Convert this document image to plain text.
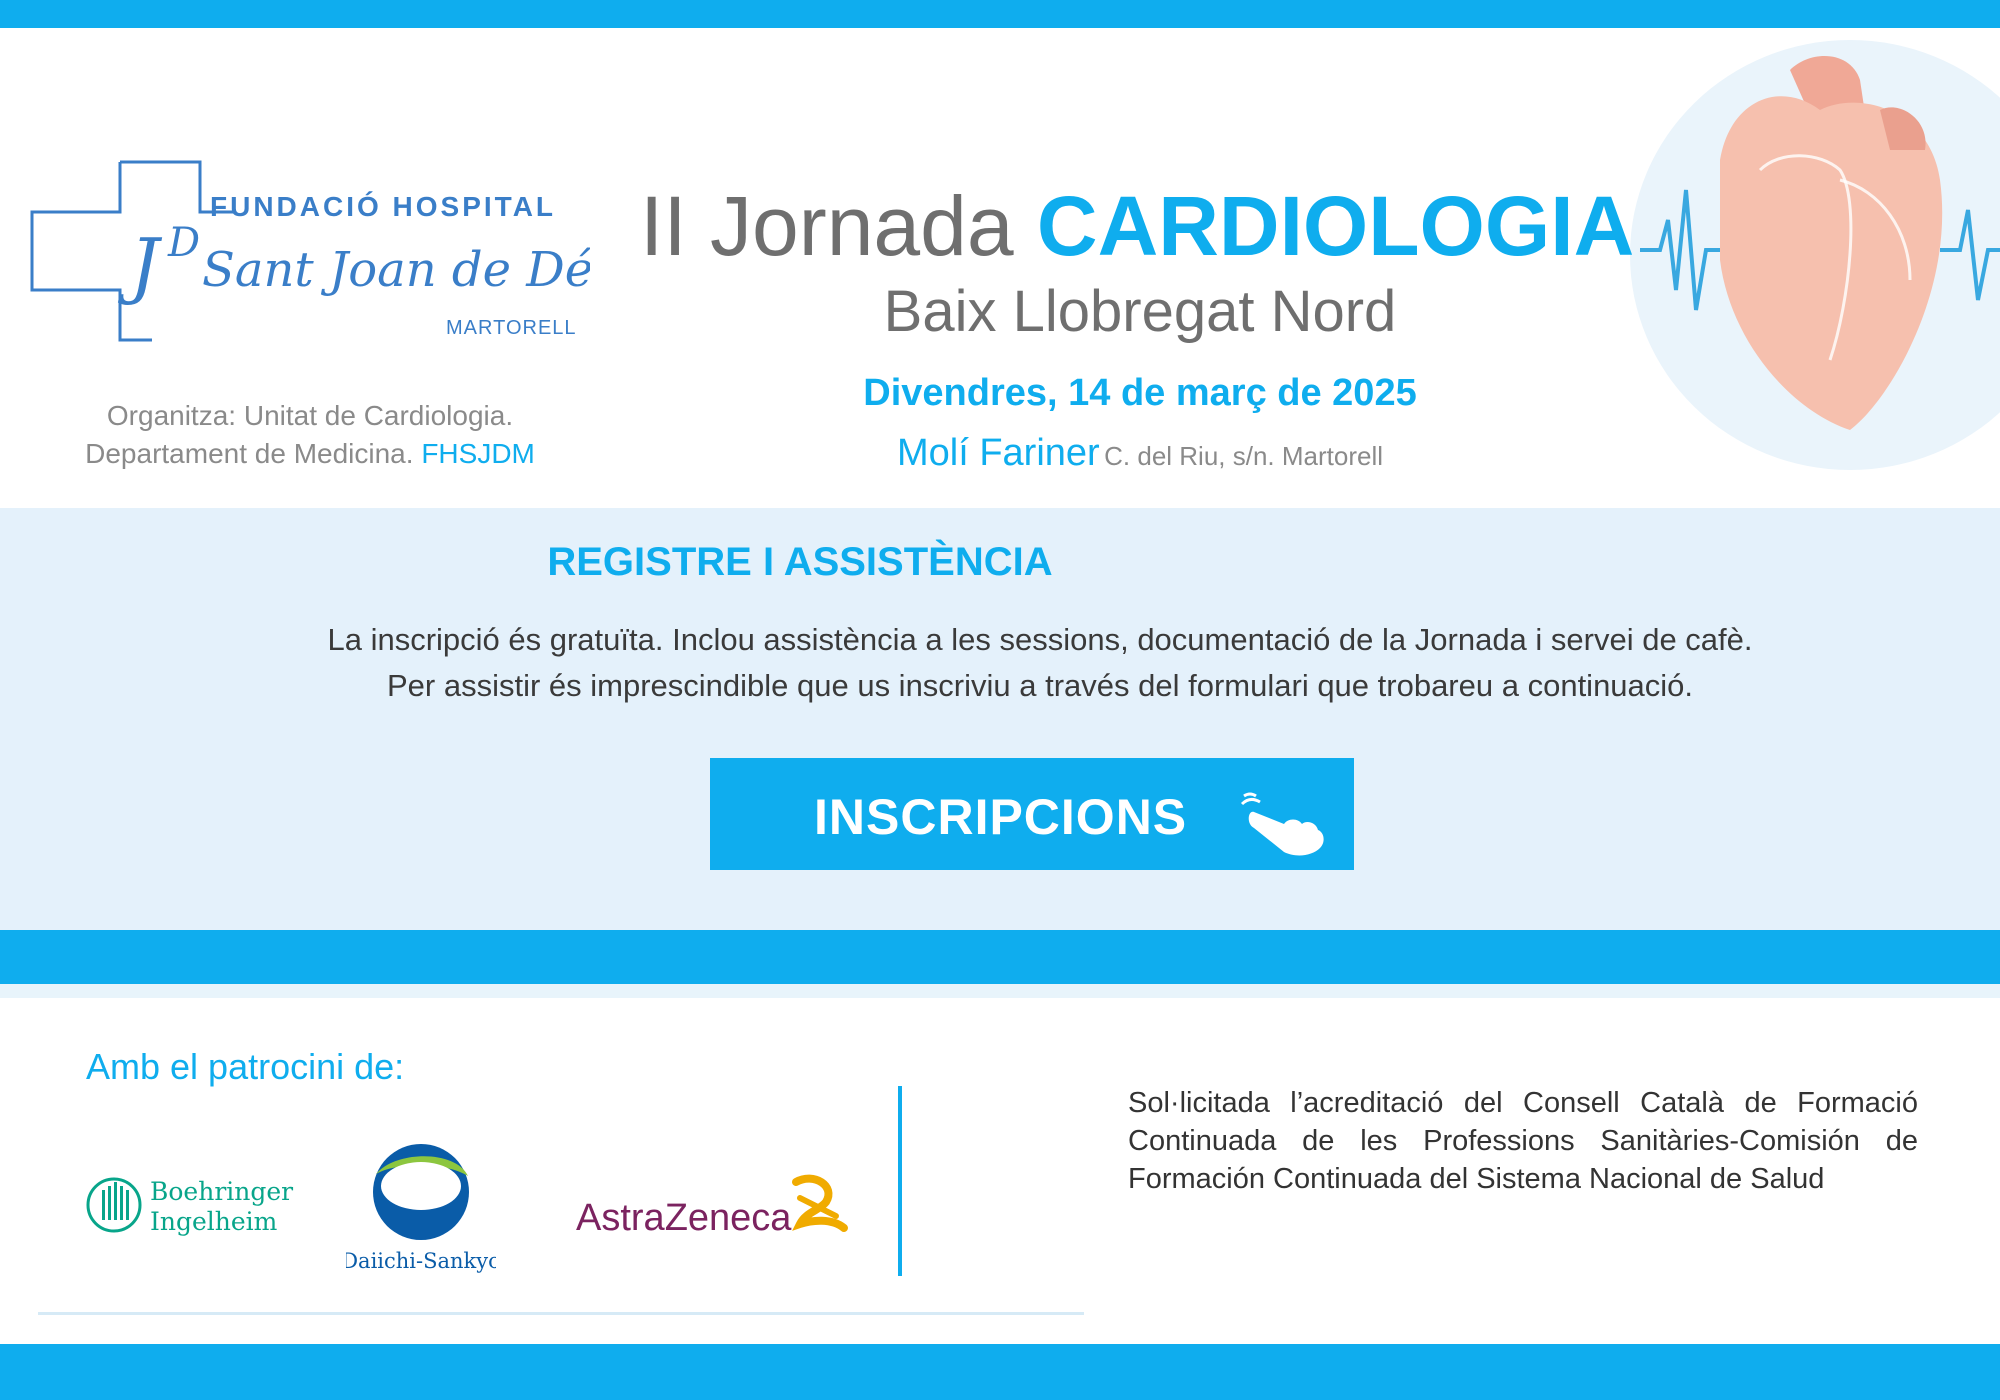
J D
FUNDACIÓ HOSPITAL
Sant Joan de Déu
MARTORELL
Organitza: Unitat de Cardiologia.
Departament de Medicina. FHSJDM
II Jornada CARDIOLOGIA
Baix Llobregat Nord
Divendres, 14 de març de 2025
Molí Fariner C. del Riu, s/n. Martorell
REGISTRE I ASSISTÈNCIA
La inscripció és gratuïta. Inclou assistència a les sessions, documentació de la Jornada i servei de cafè.
Per assistir és imprescindible que us inscriviu a través del formulari que trobareu a continuació.
INSCRIPCIONS
Amb el patrocini de:
Boehringer
Ingelheim
Daiichi-Sankyo
AstraZeneca
Sol·licitada l’acreditació del Consell Català de Formació Continuada de les Professions Sanitàries-Comisión de Formación Continuada del Sistema Nacional de Salud
